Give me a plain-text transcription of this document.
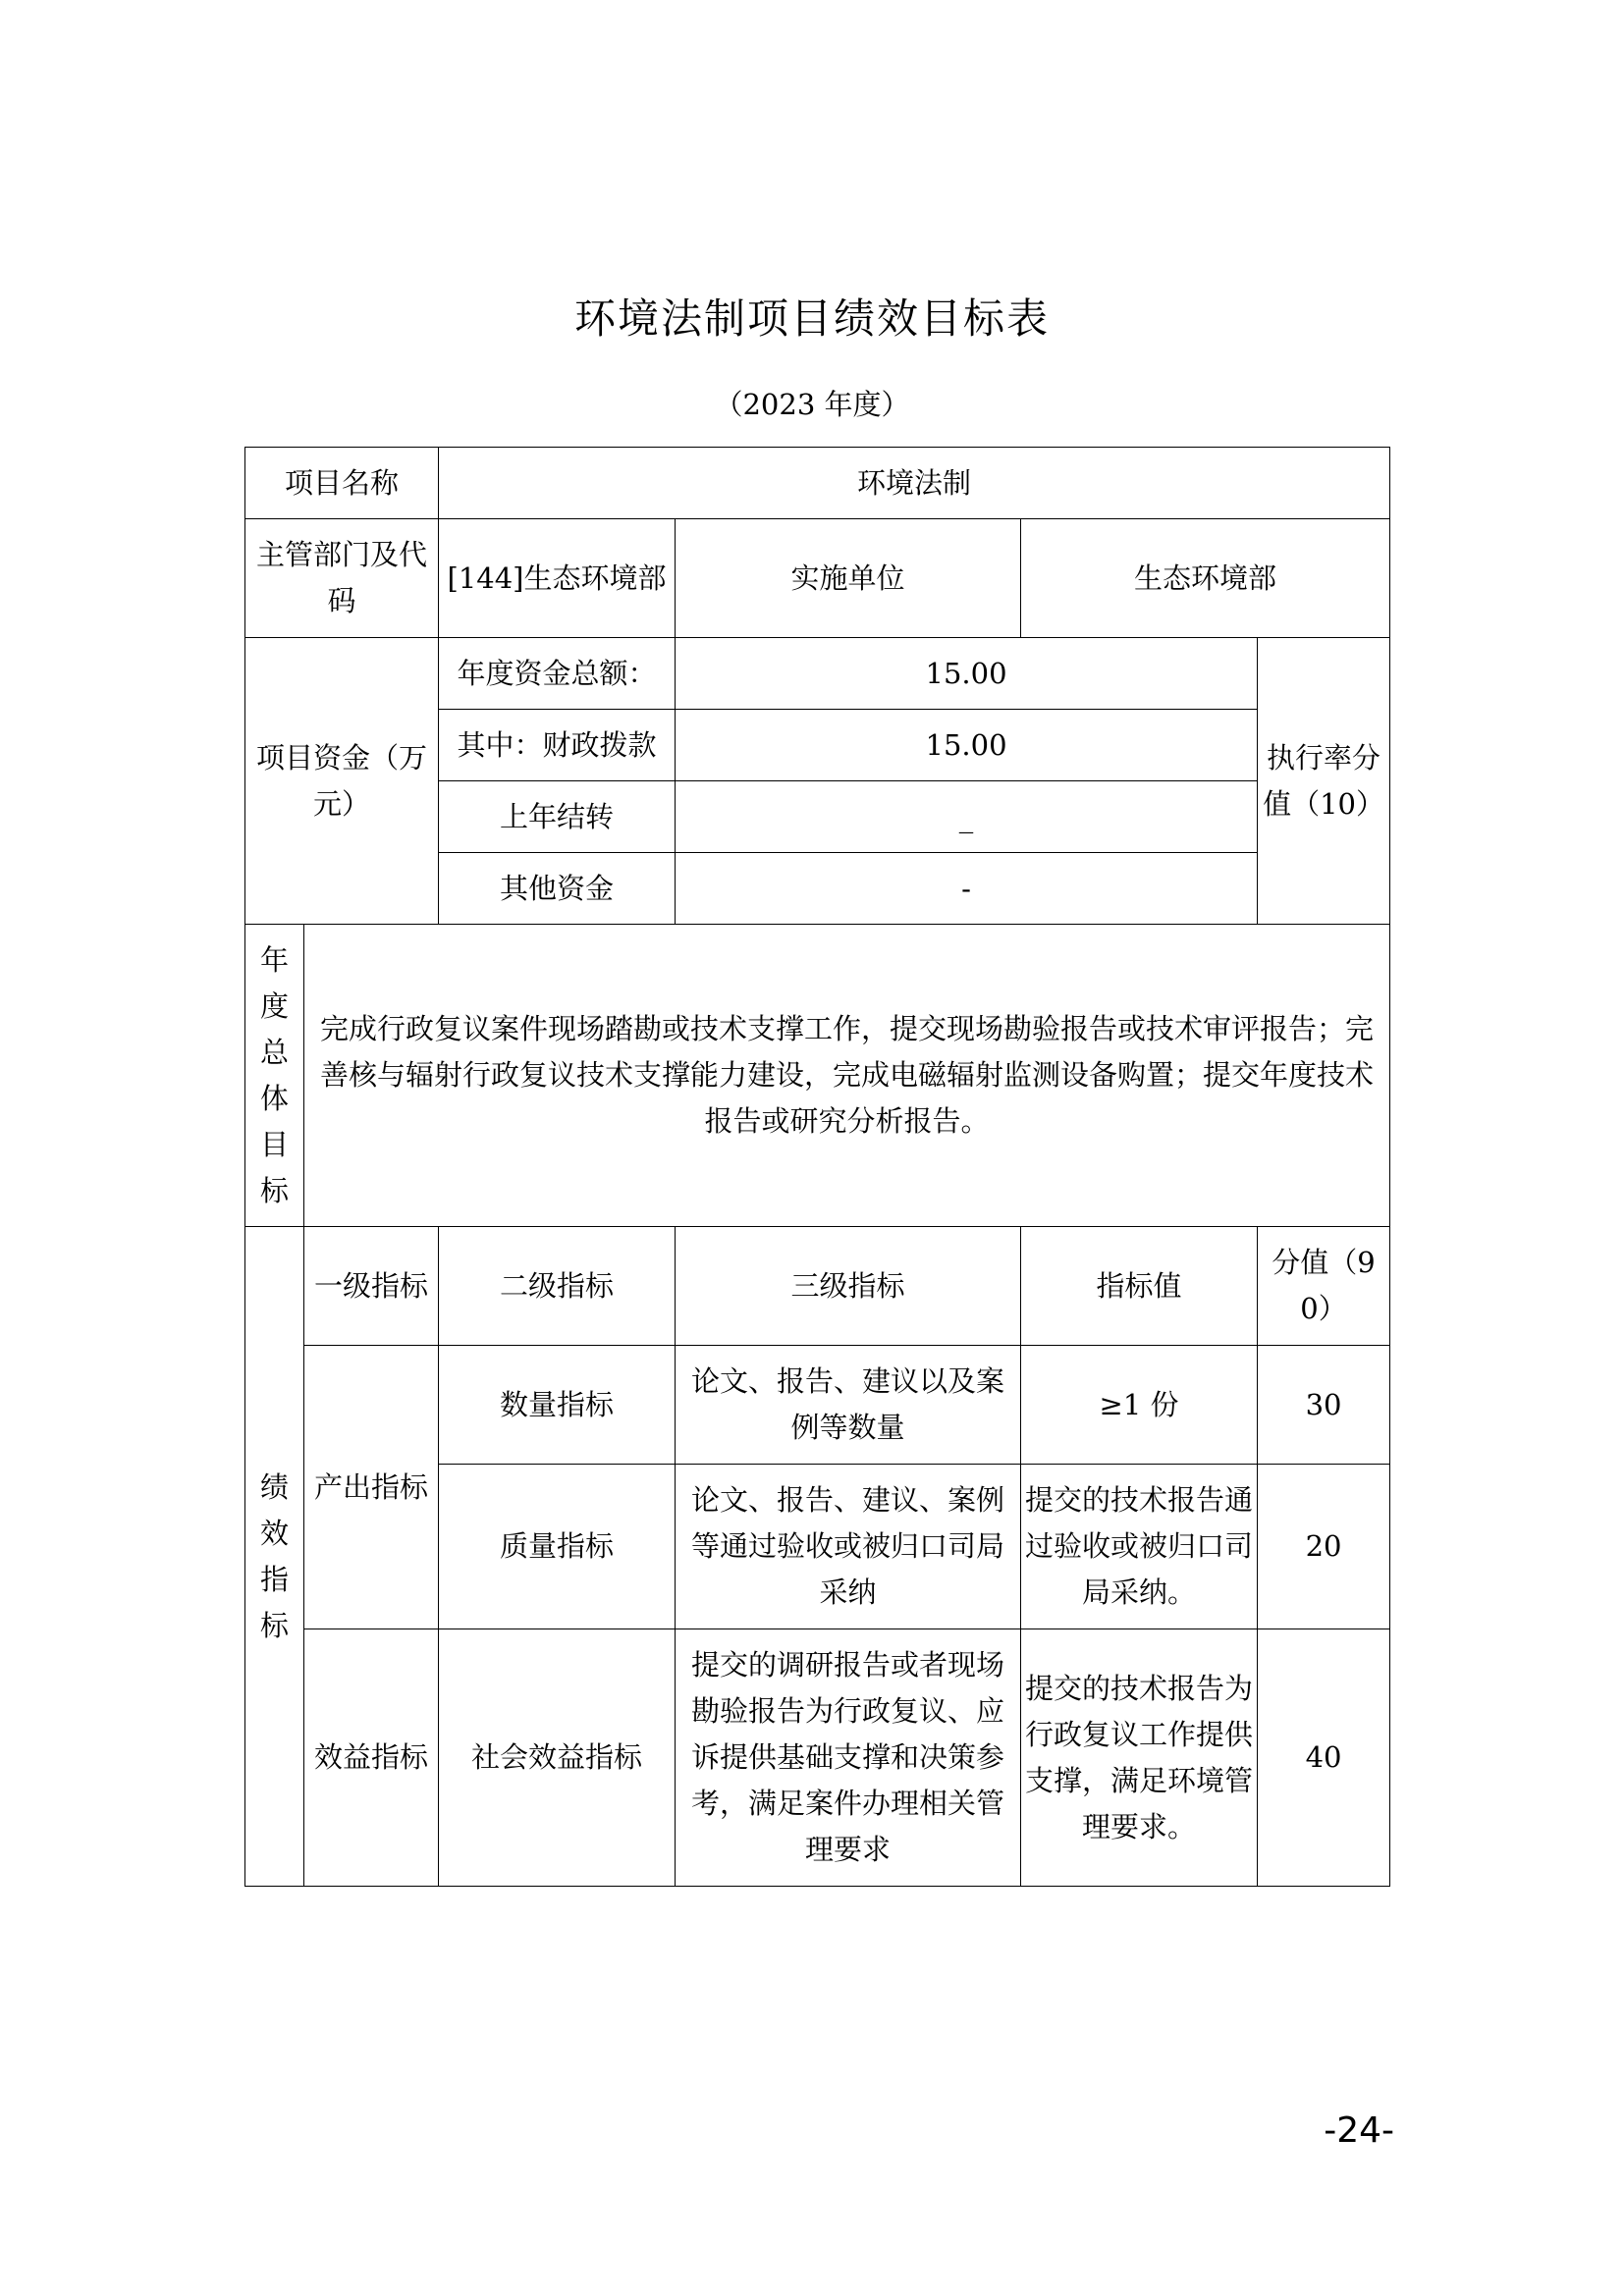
环境法制项目绩效目标表
（2023 年度）
项目名称		环境法制			
主管部门及代码		[144]生态环境部	实施单位	生态环境部	
项目资金（万元）		年度资金总额：	15.00		执行率分值（10）
		其中：财政拨款	15.00		
		上年结转	_		
		其他资金	-		
年度总体目标	完成行政复议案件现场踏勘或技术支撑工作，提交现场勘验报告或技术审评报告；完善核与辐射行政复议技术支撑能力建设，完成电磁辐射监测设备购置；提交年度技术报告或研究分析报告。				
绩效指标	一级指标	二级指标	三级指标	指标值	分值（90）
	产出指标	数量指标	论文、报告、建议以及案例等数量	≥1 份	30
		质量指标	论文、报告、建议、案例等通过验收或被归口司局采纳	提交的技术报告通过验收或被归口司局采纳。	20
	效益指标	社会效益指标	提交的调研报告或者现场勘验报告为行政复议、应诉提供基础支撑和决策参考，满足案件办理相关管理要求	提交的技术报告为行政复议工作提供支撑，满足环境管理要求。	40
-24-
